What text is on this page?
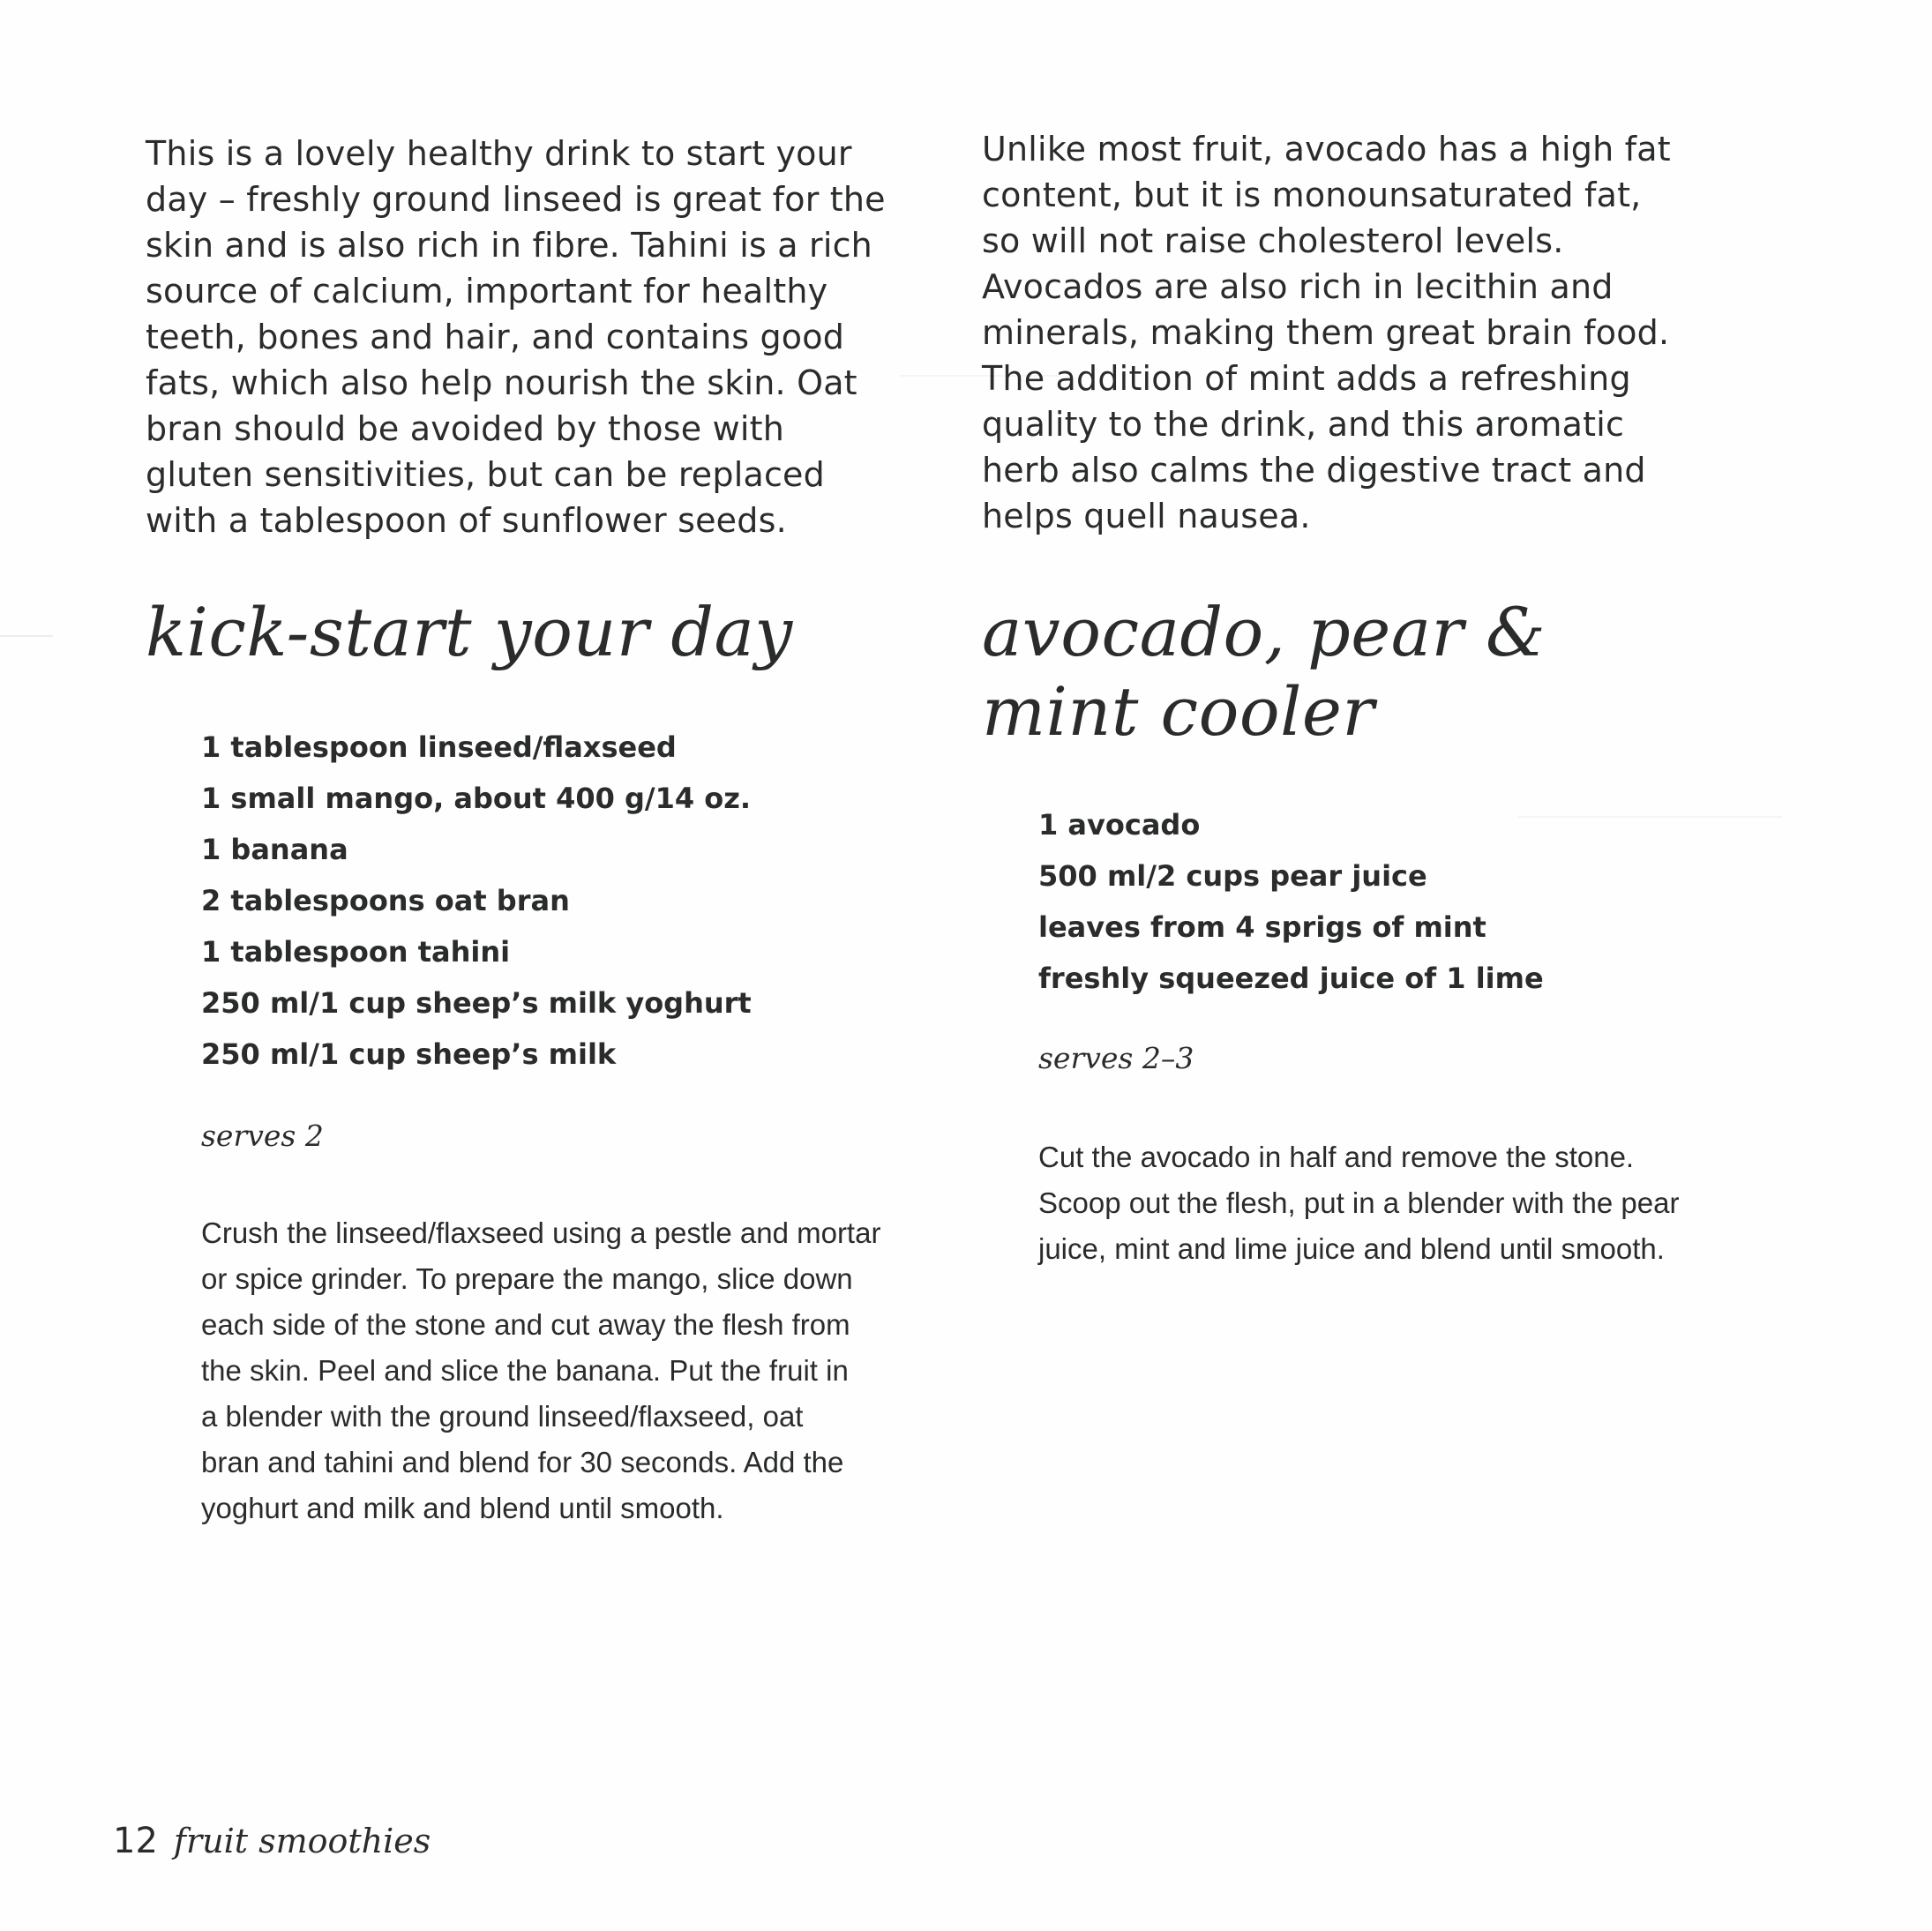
This is a lovely healthy drink to start your
day – freshly ground linseed is great for the
skin and is also rich in fibre. Tahini is a rich
source of calcium, important for healthy
teeth, bones and hair, and contains good
fats, which also help nourish the skin. Oat
bran should be avoided by those with
gluten sensitivities, but can be replaced
with a tablespoon of sunflower seeds.

kick-start your day
1 tablespoon linseed/flaxseed
1 small mango, about 400 g/14 oz.
1 banana
2 tablespoons oat bran
1 tablespoon tahini
250 ml/1 cup sheep’s milk yoghurt
250 ml/1 cup sheep’s milk

serves 2

Crush the linseed/flaxseed using a pestle and mortar
or spice grinder. To prepare the mango, slice down
each side of the stone and cut away the flesh from
the skin. Peel and slice the banana. Put the fruit in
a blender with the ground linseed/flaxseed, oat
bran and tahini and blend for 30 seconds. Add the
yoghurt and milk and blend until smooth.

Unlike most fruit, avocado has a high fat
content, but it is monounsaturated fat,
so will not raise cholesterol levels.
Avocados are also rich in lecithin and
minerals, making them great brain food.
The addition of mint adds a refreshing
quality to the drink, and this aromatic
herb also calms the digestive tract and
helps quell nausea.

avocado, pear &
mint cooler
1 avocado
500 ml/2 cups pear juice
leaves from 4 sprigs of mint
freshly squeezed juice of 1 lime

serves 2–3

Cut the avocado in half and remove the stone.
Scoop out the flesh, put in a blender with the pear
juice, mint and lime juice and blend until smooth.

12 fruit smoothies
